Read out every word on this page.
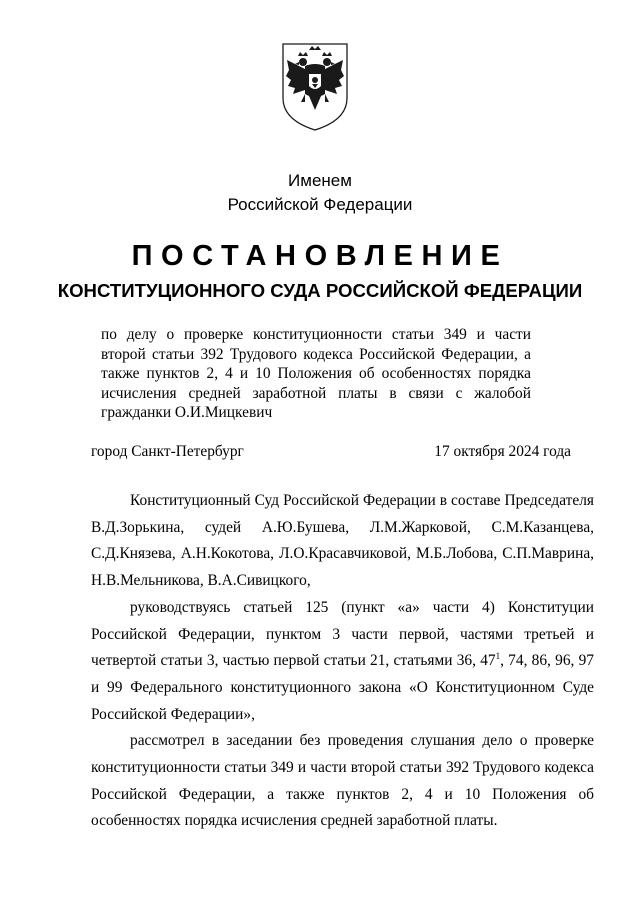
Именем
Российской Федерации
ПОСТАНОВЛЕНИЕ
КОНСТИТУЦИОННОГО СУДА РОССИЙСКОЙ ФЕДЕРАЦИИ
по делу о проверке конституционности статьи 349 и части второй статьи 392 Трудового кодекса Российской Федерации, а также пунктов 2, 4 и 10 Положения об особенностях порядка исчисления средней заработной платы в связи с жалобой гражданки О.И.Мицкевич
город Санкт-Петербург	17 октября 2024 года

Конституционный Суд Российской Федерации в составе Председателя В.Д.Зорькина, судей А.Ю.Бушева, Л.М.Жарковой, С.М.Казанцева, С.Д.Князева, А.Н.Кокотова, Л.О.Красавчиковой, М.Б.Лобова, С.П.Маврина, Н.В.Мельникова, В.А.Сивицкого,

руководствуясь статьей 125 (пункт «а» части 4) Конституции Российской Федерации, пунктом 3 части первой, частями третьей и четвертой статьи 3, частью первой статьи 21, статьями 36, $47^1$, 74, 86, 96, 97 и 99 Федерального конституционного закона «О Конституционном Суде Российской Федерации»,

рассмотрел в заседании без проведения слушания дело о проверке конституционности статьи 349 и части второй статьи 392 Трудового кодекса Российской Федерации, а также пунктов 2, 4 и 10 Положения об особенностях порядка исчисления средней заработной платы.
